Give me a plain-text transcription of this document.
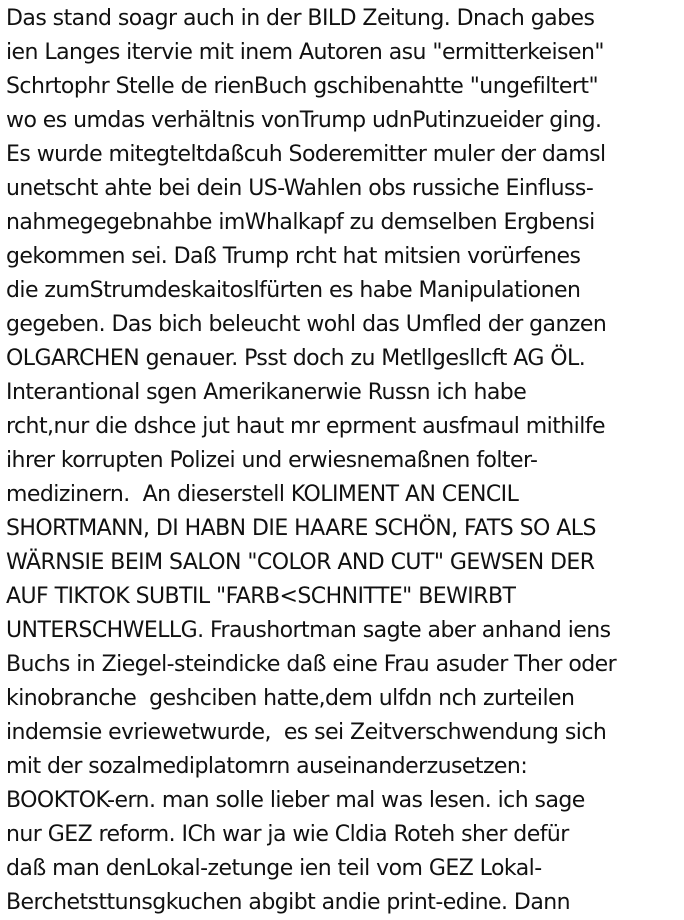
Das stand soagr auch in der BILD Zeitung. Dnach gabes
ien Langes itervie mit inem Autoren asu "ermitterkeisen"
Schrtophr Stelle de rienBuch gschibenahtte "ungefiltert"
wo es umdas verhältnis vonTrump udnPutinzueider ging.
Es wurde mitegteltdaßcuh Soderemitter muler der damsl
unetscht ahte bei dein US-Wahlen obs russiche Einfluss-
nahmegegebnahbe imWhalkapf zu demselben Ergbensi
gekommen sei. Daß Trump rcht hat mitsien vorürfenes
die zumStrumdeskaitoslfürten es habe Manipulationen
gegeben. Das bich beleucht wohl das Umfled der ganzen
OLGARCHEN genauer. Psst doch zu Metllgesllcft AG ÖL.
Interantional sgen Amerikanerwie Russn ich habe
rcht,nur die dshce jut haut mr eprment ausfmaul mithilfe
ihrer korrupten Polizei und erwiesnemaßnen folter-
medizinern.  An dieserstell KOLIMENT AN CENCIL
SHORTMANN, DI HABN DIE HAARE SCHÖN, FATS SO ALS
WÄRNSIE BEIM SALON "COLOR AND CUT" GEWSEN DER
AUF TIKTOK SUBTIL "FARB<SCHNITTE" BEWIRBT
UNTERSCHWELLG. Fraushortman sagte aber anhand iens
Buchs in Ziegel-steindicke daß eine Frau asuder Ther oder
kinobranche  geshciben hatte,dem ulfdn nch zurteilen
indemsie evriewetwurde,  es sei Zeitverschwendung sich
mit der sozalmediplatomrn auseinanderzusetzen:
BOOKTOK-ern. man solle lieber mal was lesen. ich sage
nur GEZ reform. ICh war ja wie Cldia Roteh sher defür
daß man denLokal-zetunge ien teil vom GEZ Lokal-
Berchetsttunsgkuchen abgibt andie print-edine. Dann
